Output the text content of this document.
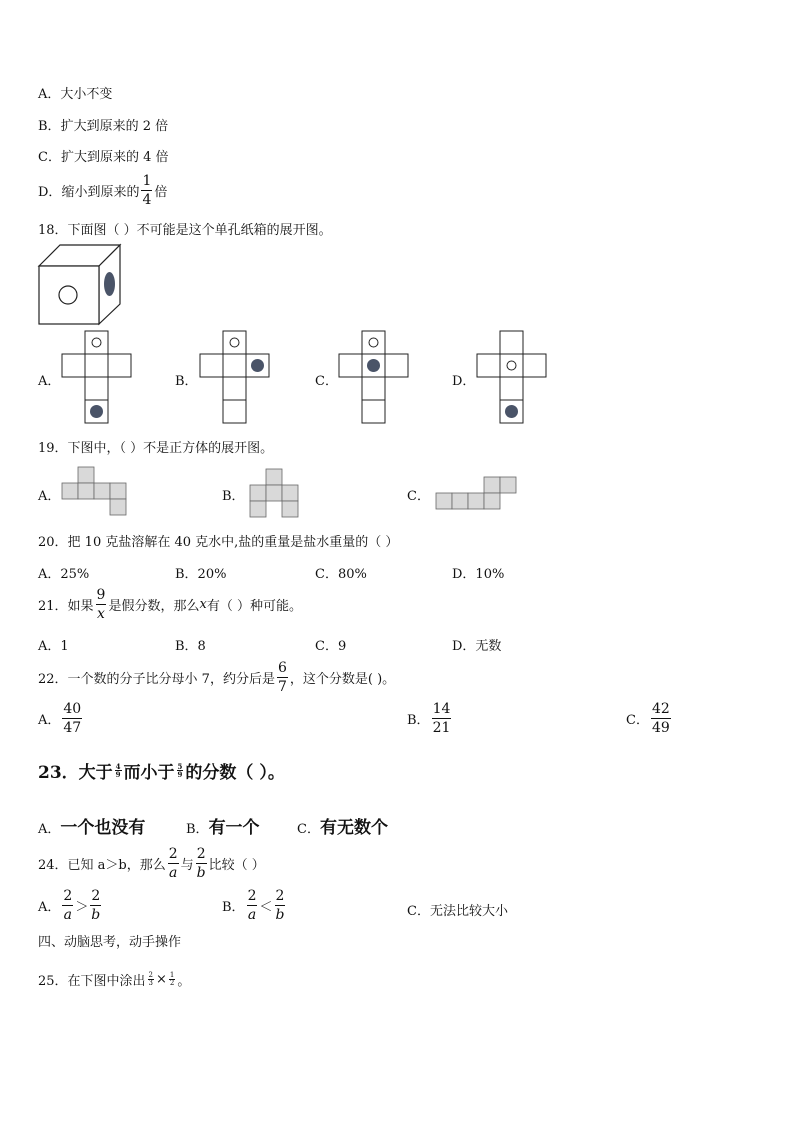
A．大小不变
B．扩大到原来的 2 倍
C．扩大到原来的 4 倍
D．缩小到原来的 $\frac{1}{4}$ 倍
18．下面图（ ）不可能是这个单孔纸箱的展开图。
A．	B．	C．	D．
19．下图中，（ ）不是正方体的展开图。
A．	B．	C．
20．把 10 克盐溶解在 40 克水中,盐的重量是盐水重量的（ ）
A．25%	B．20%	C．80%	D．10%
21．如果 $\frac{9}{x}$ 是假分数，那么x有（ ）种可能。
A．1	B．8	C．9	D．无数
22．一个数的分子比分母小 7，约分后是 $\frac{6}{7}$ ，这个分数是( )。
A． $\frac{40}{47}$	B． $\frac{14}{21}$	C． $\frac{42}{49}$
23．大于 $\frac{4}{9}$ 而小于 $\frac{5}{9}$ 的分数（ ）。
A．一个也没有	B．有一个	C．有无数个
24．已知 a＞b，那么 $\frac{2}{a}$ 与 $\frac{2}{b}$ 比较（ ）
A． $\frac{2}{a} > \frac{2}{b}$	B． $\frac{2}{a} < \frac{2}{b}$	C．无法比较大小
四、动脑思考，动手操作
25．在下图中涂出 $\frac{2}{3} \times \frac{1}{2}$ 。
